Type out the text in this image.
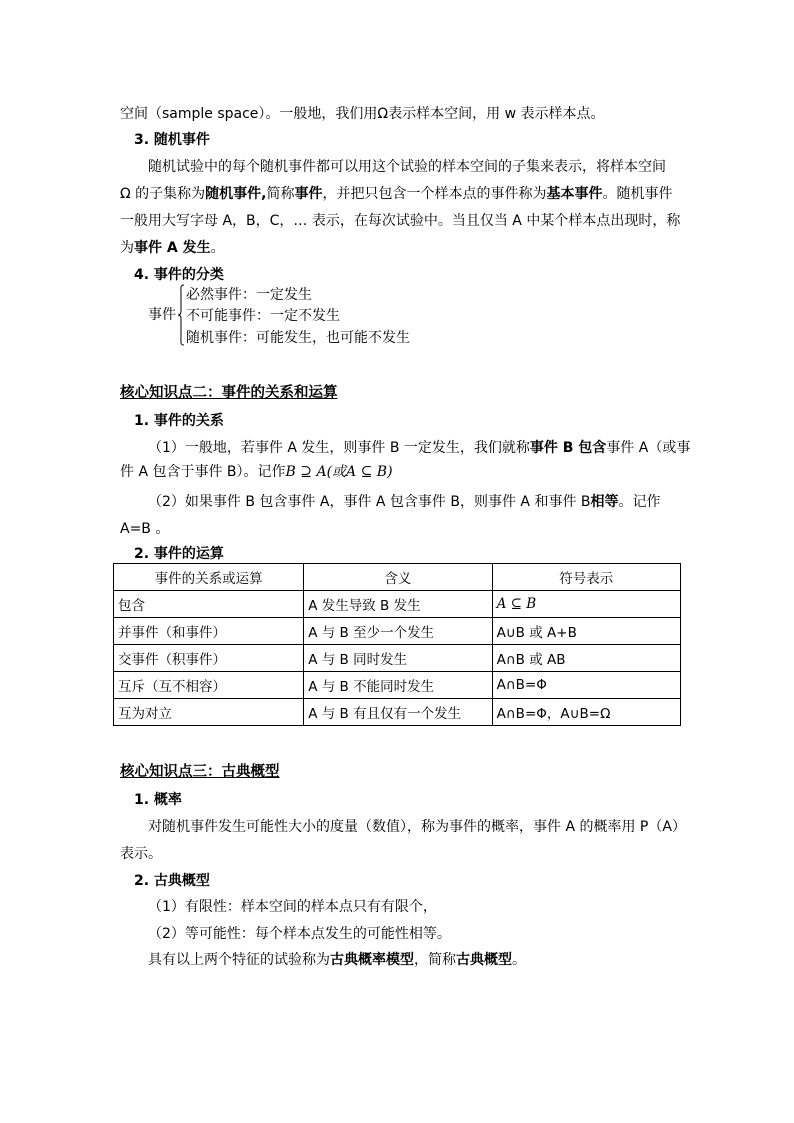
空间（sample space）。一般地，我们用Ω表示样本空间，用 w 表示样本点。
3. 随机事件
随机试验中的每个随机事件都可以用这个试验的样本空间的子集来表示，将样本空间
Ω 的子集称为随机事件,简称事件，并把只包含一个样本点的事件称为基本事件。随机事件
一般用大写字母 A，B，C，… 表示，在每次试验中。当且仅当 A 中某个样本点出现时，称
为事件 A 发生。
4. 事件的分类
事件
必然事件：一定发生
不可能事件：一定不发生
随机事件：可能发生，也可能不发生
核心知识点二：事件的关系和运算
1. 事件的关系
（1）一般地，若事件 A 发生，则事件 B 一定发生，我们就称事件 B 包含事件 A（或事
件 A 包含于事件 B）。记作B ⊇ A(或A ⊆ B)
（2）如果事件 B 包含事件 A，事件 A 包含事件 B，则事件 A 和事件 B相等。记作
A=B 。
2. 事件的运算
事件的关系或运算	含义	符号表示
包含	A 发生导致 B 发生	A ⊆ B
并事件（和事件）	A 与 B 至少一个发生	A∪B 或 A+B
交事件（积事件）	A 与 B 同时发生	A∩B 或 AB
互斥（互不相容）	A 与 B 不能同时发生	A∩B=Φ
互为对立	A 与 B 有且仅有一个发生	A∩B=Φ，A∪B=Ω
核心知识点三：古典概型
1. 概率
对随机事件发生可能性大小的度量（数值），称为事件的概率，事件 A 的概率用 P（A）
表示。
2. 古典概型
（1）有限性：样本空间的样本点只有有限个，
（2）等可能性：每个样本点发生的可能性相等。
具有以上两个特征的试验称为古典概率模型，简称古典概型。
